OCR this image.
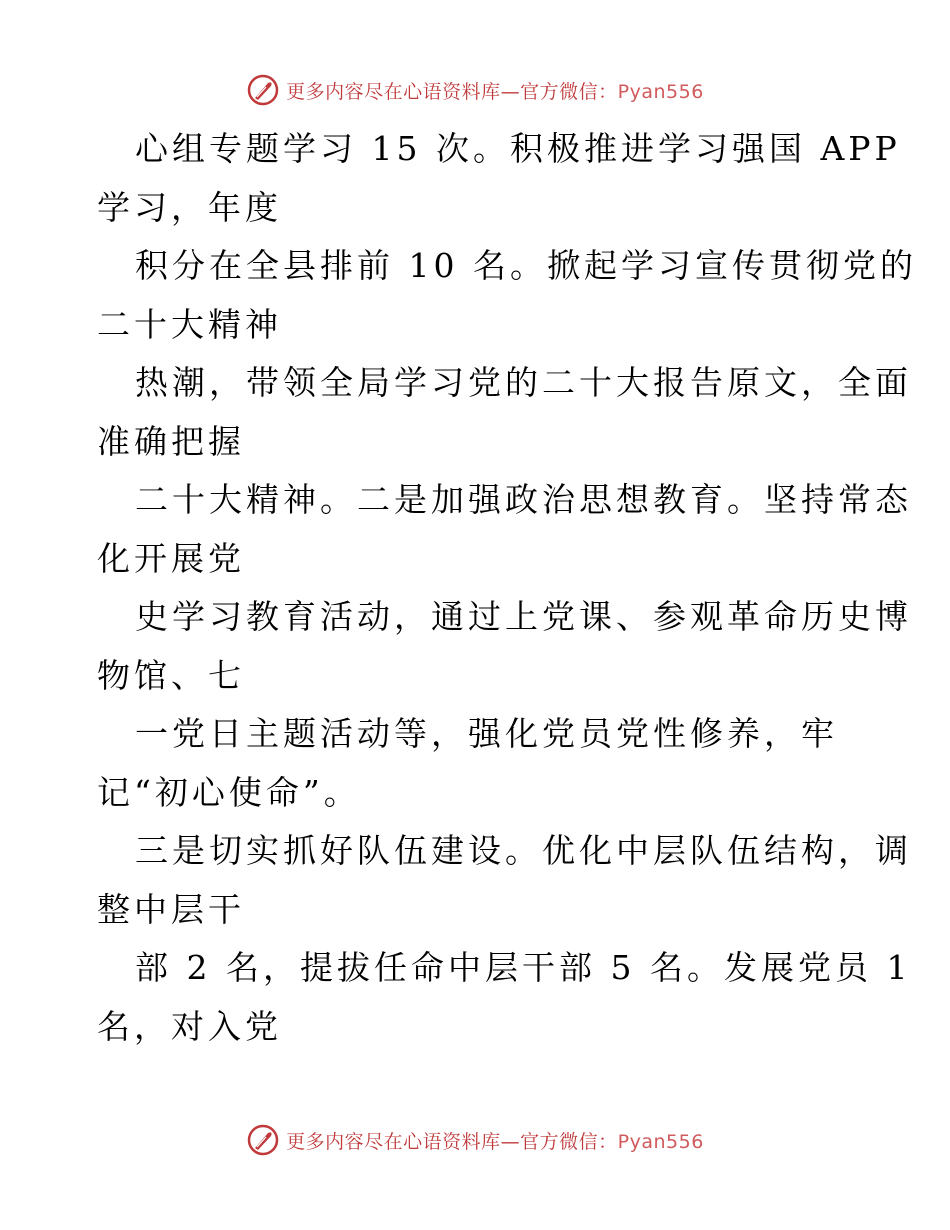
更多内容尽在心语资料库—官方微信：Pyan556
心组专题学习 15 次。积极推进学习强国 APP
学习，年度
积分在全县排前 10 名。掀起学习宣传贯彻党的
二十大精神
热潮，带领全局学习党的二十大报告原文，全面
准确把握
二十大精神。二是加强政治思想教育。坚持常态
化开展党
史学习教育活动，通过上党课、参观革命历史博
物馆、七
一党日主题活动等，强化党员党性修养，牢
记“初心使命”。
三是切实抓好队伍建设。优化中层队伍结构，调
整中层干
部 2 名，提拔任命中层干部 5 名。发展党员 1
名，对入党
更多内容尽在心语资料库—官方微信：Pyan556
